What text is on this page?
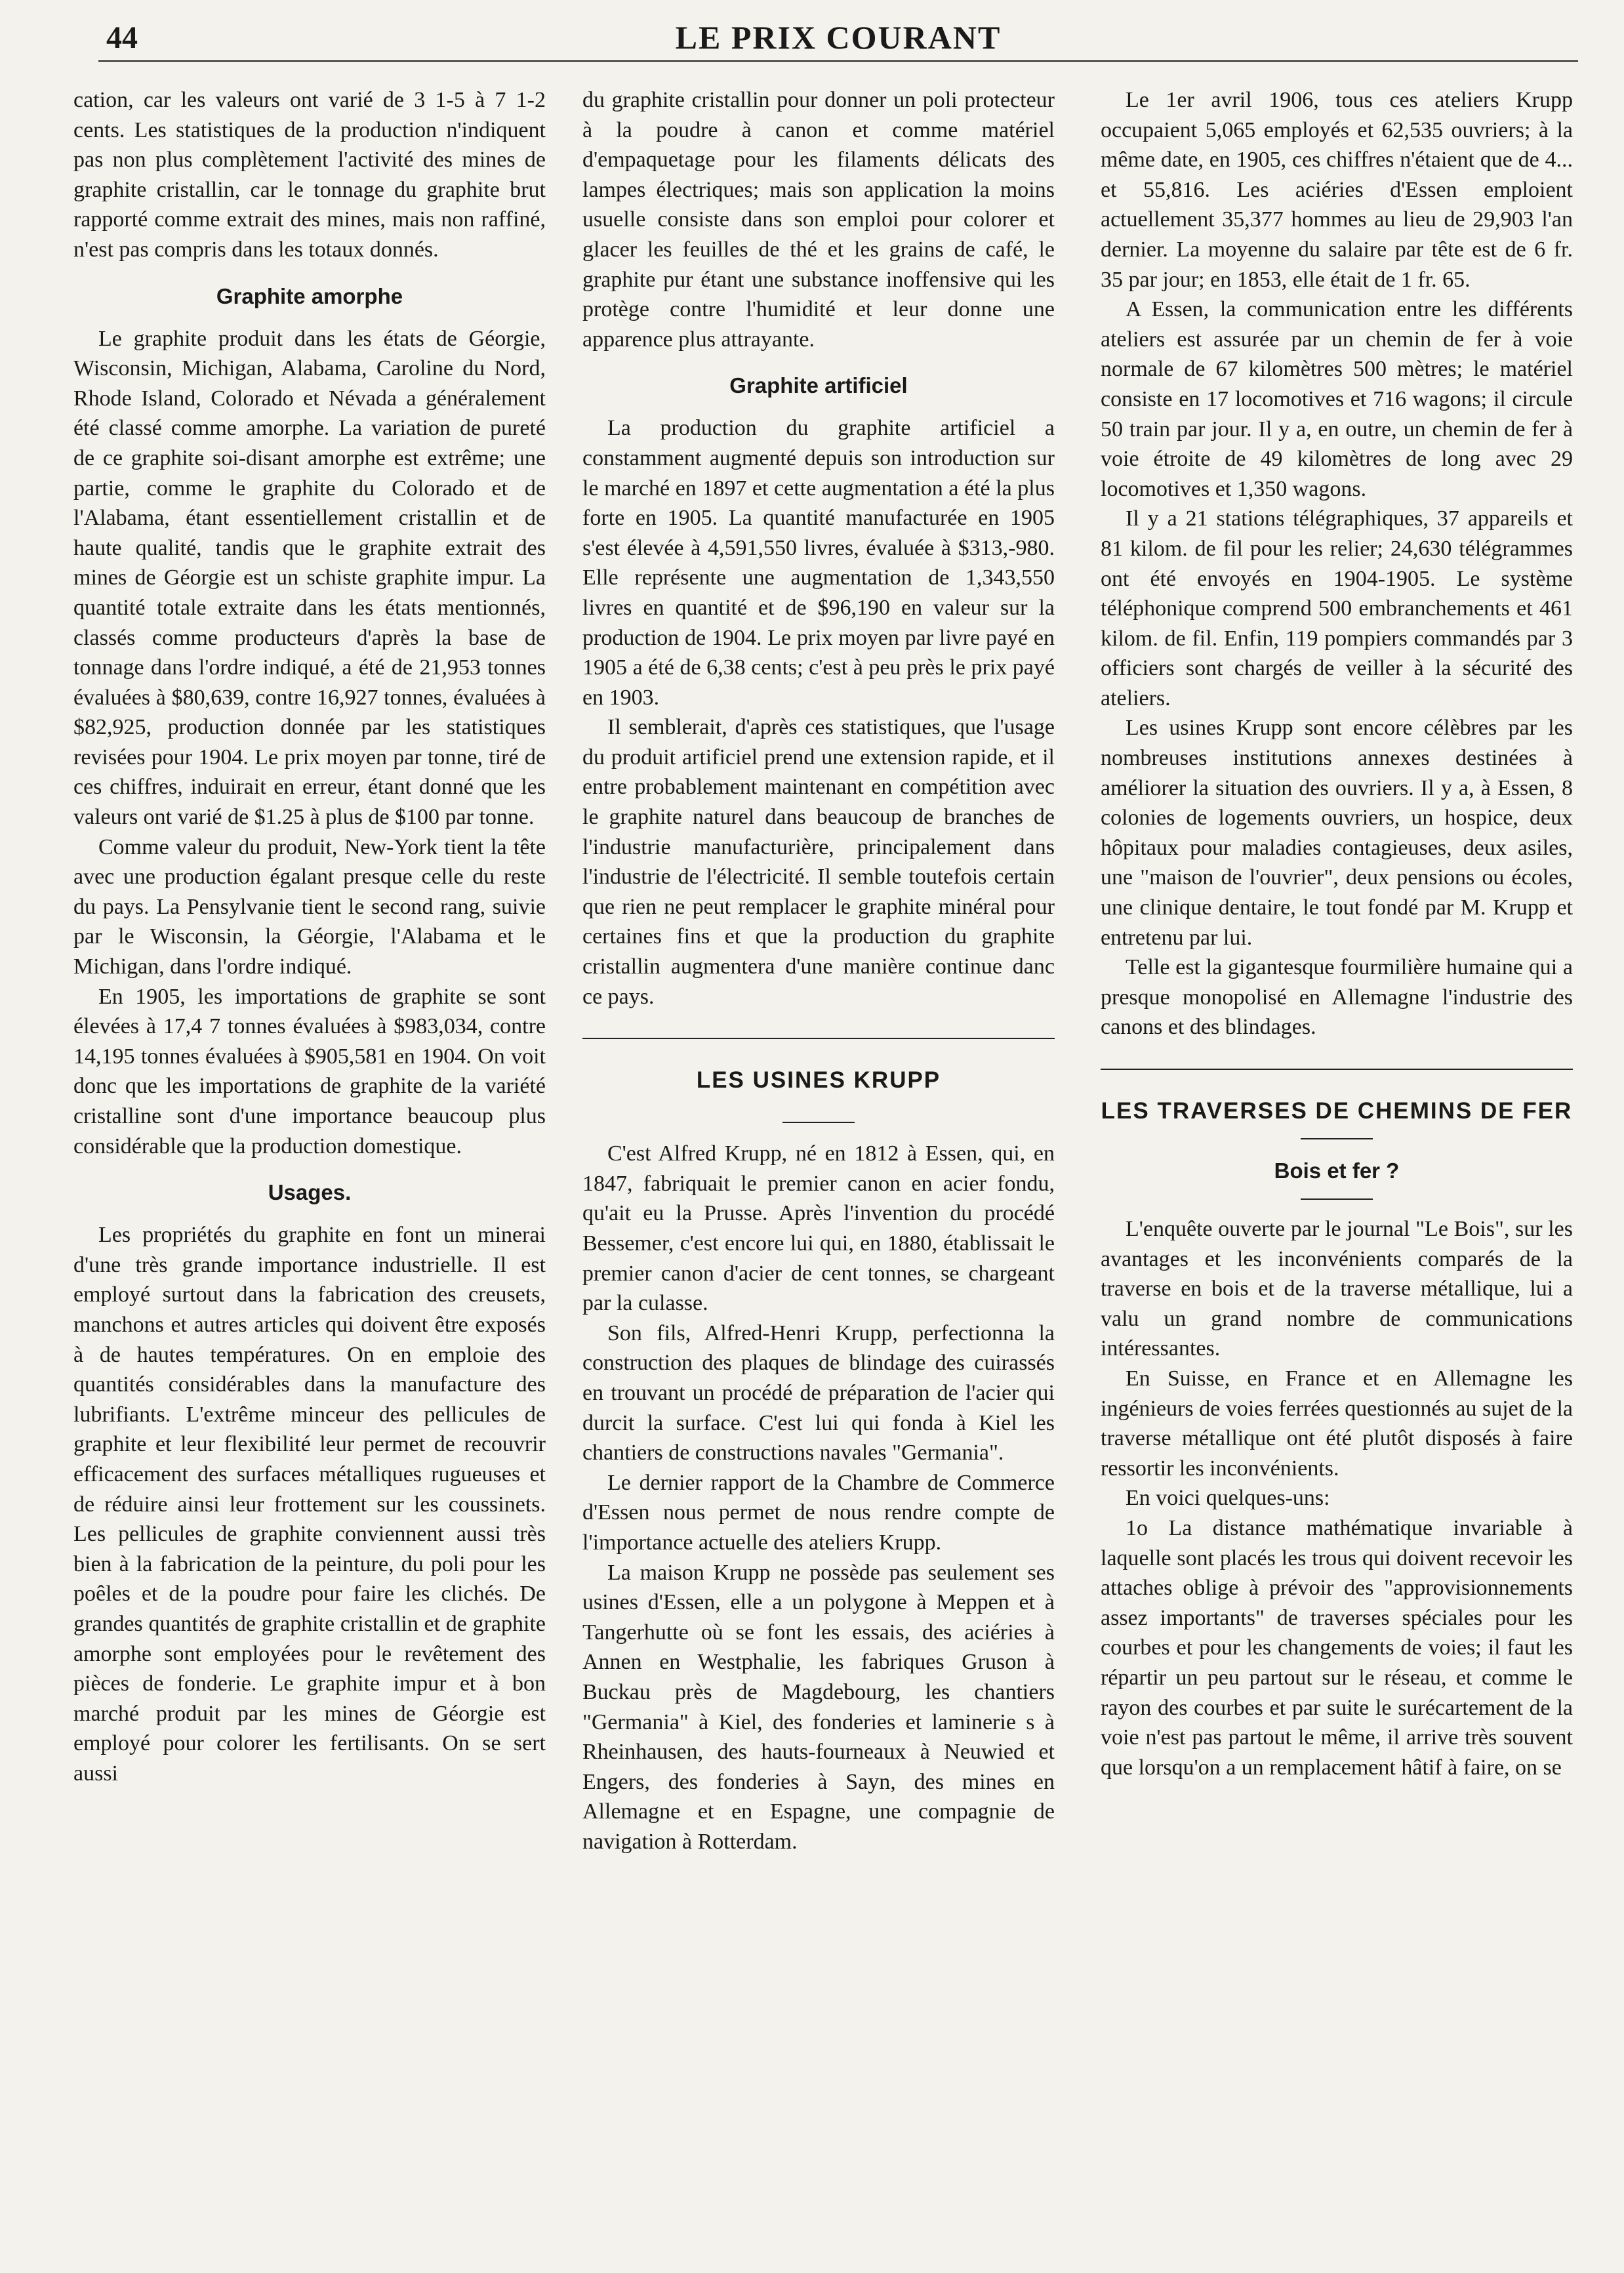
44	LE PRIX COURANT

cation, car les valeurs ont varié de 3 1-5 à 7 1-2 cents. Les statistiques de la production n'indiquent pas non plus complètement l'activité des mines de graphite cristallin, car le tonnage du graphite brut rapporté comme extrait des mines, mais non raffiné, n'est pas compris dans les totaux donnés.

Graphite amorphe

Le graphite produit dans les états de Géorgie, Wisconsin, Michigan, Alabama, Caroline du Nord, Rhode Island, Colorado et Névada a généralement été classé comme amorphe. La variation de pureté de ce graphite soi-disant amorphe est extrême; une partie, comme le graphite du Colorado et de l'Alabama, étant essentiellement cristallin et de haute qualité, tandis que le graphite extrait des mines de Géorgie est un schiste graphite impur. La quantité totale extraite dans les états mentionnés, classés comme producteurs d'après la base de tonnage dans l'ordre indiqué, a été de 21,953 tonnes évaluées à $80,639, contre 16,927 tonnes, évaluées à $82,925, production donnée par les statistiques revisées pour 1904. Le prix moyen par tonne, tiré de ces chiffres, induirait en erreur, étant donné que les valeurs ont varié de $1.25 à plus de $100 par tonne.

Comme valeur du produit, New-York tient la tête avec une production égalant presque celle du reste du pays. La Pensylvanie tient le second rang, suivie par le Wisconsin, la Géorgie, l'Alabama et le Michigan, dans l'ordre indiqué.

En 1905, les importations de graphite se sont élevées à 17,4 7 tonnes évaluées à $983,034, contre 14,195 tonnes évaluées à $905,581 en 1904. On voit donc que les importations de graphite de la variété cristalline sont d'une importance beaucoup plus considérable que la production domestique.

Usages.

Les propriétés du graphite en font un minerai d'une très grande importance industrielle. Il est employé surtout dans la fabrication des creusets, manchons et autres articles qui doivent être exposés à de hautes températures. On en emploie des quantités considérables dans la manufacture des lubrifiants. L'extrême minceur des pellicules de graphite et leur flexibilité leur permet de recouvrir efficacement des surfaces métalliques rugueuses et de réduire ainsi leur frottement sur les coussinets. Les pellicules de graphite conviennent aussi très bien à la fabrication de la peinture, du poli pour les poêles et de la poudre pour faire les clichés. De grandes quantités de graphite cristallin et de graphite amorphe sont employées pour le revêtement des pièces de fonderie. Le graphite impur et à bon marché produit par les mines de Géorgie est employé pour colorer les fertilisants. On se sert aussi

du graphite cristallin pour donner un poli protecteur à la poudre à canon et comme matériel d'empaquetage pour les filaments délicats des lampes électriques; mais son application la moins usuelle consiste dans son emploi pour colorer et glacer les feuilles de thé et les grains de café, le graphite pur étant une substance inoffensive qui les protège contre l'humidité et leur donne une apparence plus attrayante.

Graphite artificiel

La production du graphite artificiel a constamment augmenté depuis son introduction sur le marché en 1897 et cette augmentation a été la plus forte en 1905. La quantité manufacturée en 1905 s'est élevée à 4,591,550 livres, évaluée à $313,-980. Elle représente une augmentation de 1,343,550 livres en quantité et de $96,190 en valeur sur la production de 1904. Le prix moyen par livre payé en 1905 a été de 6,38 cents; c'est à peu près le prix payé en 1903.

Il semblerait, d'après ces statistiques, que l'usage du produit artificiel prend une extension rapide, et il entre probablement maintenant en compétition avec le graphite naturel dans beaucoup de branches de l'industrie manufacturière, principalement dans l'industrie de l'électricité. Il semble toutefois certain que rien ne peut remplacer le graphite minéral pour certaines fins et que la production du graphite cristallin augmentera d'une manière continue danc ce pays.

LES USINES KRUPP

C'est Alfred Krupp, né en 1812 à Essen, qui, en 1847, fabriquait le premier canon en acier fondu, qu'ait eu la Prusse. Après l'invention du procédé Bessemer, c'est encore lui qui, en 1880, établissait le premier canon d'acier de cent tonnes, se chargeant par la culasse.

Son fils, Alfred-Henri Krupp, perfectionna la construction des plaques de blindage des cuirassés en trouvant un procédé de préparation de l'acier qui durcit la surface. C'est lui qui fonda à Kiel les chantiers de constructions navales "Germania".

Le dernier rapport de la Chambre de Commerce d'Essen nous permet de nous rendre compte de l'importance actuelle des ateliers Krupp.

La maison Krupp ne possède pas seulement ses usines d'Essen, elle a un polygone à Meppen et à Tangerhutte où se font les essais, des aciéries à Annen en Westphalie, les fabriques Gruson à Buckau près de Magdebourg, les chantiers "Germania" à Kiel, des fonderies et laminerie s à Rheinhausen, des hauts-fourneaux à Neuwied et Engers, des fonderies à Sayn, des mines en Allemagne et en Espagne, une compagnie de navigation à Rotterdam.

Le 1er avril 1906, tous ces ateliers Krupp occupaient 5,065 employés et 62,535 ouvriers; à la même date, en 1905, ces chiffres n'étaient que de 4... et 55,816. Les aciéries d'Essen emploient actuellement 35,377 hommes au lieu de 29,903 l'an dernier. La moyenne du salaire par tête est de 6 fr. 35 par jour; en 1853, elle était de 1 fr. 65.

A Essen, la communication entre les différents ateliers est assurée par un chemin de fer à voie normale de 67 kilomètres 500 mètres; le matériel consiste en 17 locomotives et 716 wagons; il circule 50 train par jour. Il y a, en outre, un chemin de fer à voie étroite de 49 kilomètres de long avec 29 locomotives et 1,350 wagons.

Il y a 21 stations télégraphiques, 37 appareils et 81 kilom. de fil pour les relier; 24,630 télégrammes ont été envoyés en 1904-1905. Le système téléphonique comprend 500 embranchements et 461 kilom. de fil. Enfin, 119 pompiers commandés par 3 officiers sont chargés de veiller à la sécurité des ateliers.

Les usines Krupp sont encore célèbres par les nombreuses institutions annexes destinées à améliorer la situation des ouvriers. Il y a, à Essen, 8 colonies de logements ouvriers, un hospice, deux hôpitaux pour maladies contagieuses, deux asiles, une "maison de l'ouvrier", deux pensions ou écoles, une clinique dentaire, le tout fondé par M. Krupp et entretenu par lui.

Telle est la gigantesque fourmilière humaine qui a presque monopolisé en Allemagne l'industrie des canons et des blindages.

LES TRAVERSES DE CHEMINS DE FER
Bois et fer ?

L'enquête ouverte par le journal "Le Bois", sur les avantages et les inconvénients comparés de la traverse en bois et de la traverse métallique, lui a valu un grand nombre de communications intéressantes.

En Suisse, en France et en Allemagne les ingénieurs de voies ferrées questionnés au sujet de la traverse métallique ont été plutôt disposés à faire ressortir les inconvénients.

En voici quelques-uns:

1o La distance mathématique invariable à laquelle sont placés les trous qui doivent recevoir les attaches oblige à prévoir des "approvisionnements assez importants" de traverses spéciales pour les courbes et pour les changements de voies; il faut les répartir un peu partout sur le réseau, et comme le rayon des courbes et par suite le surécartement de la voie n'est pas partout le même, il arrive très souvent que lorsqu'on a un remplacement hâtif à faire, on se
